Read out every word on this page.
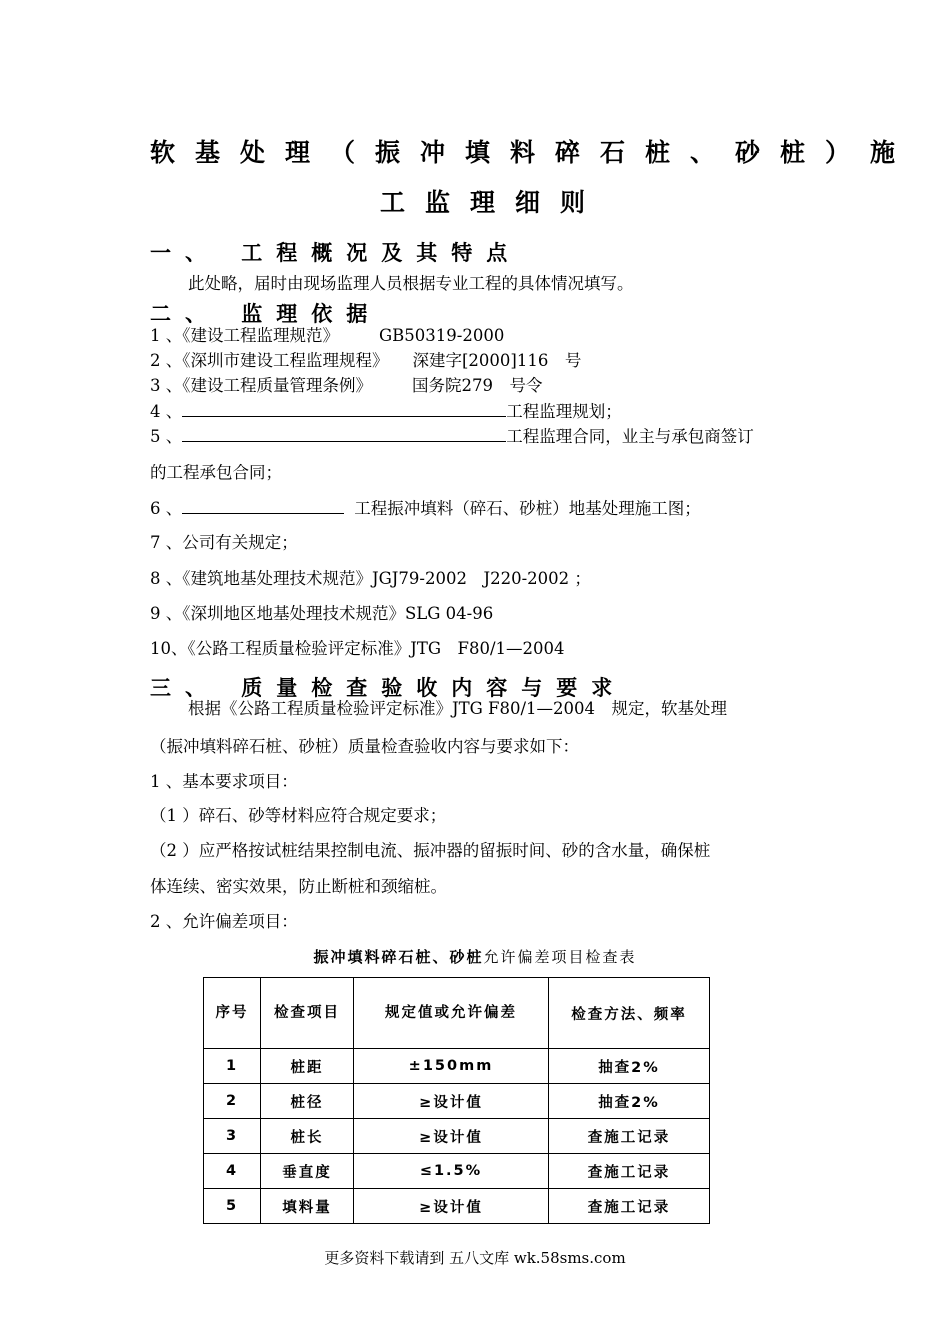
软基处理（振冲填料碎石桩、砂桩）施
工监理细则
一、 工程概况及其特点
此处略，届时由现场监理人员根据专业工程的具体情况填写。
二、 监理依据
1 、《建设工程监理规范》 GB50319-2000
2 、《深圳市建设工程监理规程》 深建字[2000]116　号
3 、《建设工程质量管理条例》 国务院279　号令
4 、	工程监理规划；
5 、	工程监理合同，业主与承包商签订
的工程承包合同；
6 、	工程振冲填料（碎石、砂桩）地基处理施工图；
7 、公司有关规定；
8 、《建筑地基处理技术规范》JGJ79-2002　J220-2002 ；
9 、《深圳地区地基处理技术规范》SLG 04-96
10、《公路工程质量检验评定标准》JTG　F80/1—2004
三、 质量检查验收内容与要求
根据《公路工程质量检验评定标准》JTG F80/1—2004　规定，软基处理
（振冲填料碎石桩、砂桩）质量检查验收内容与要求如下：
1 、基本要求项目：
（1 ）碎石、砂等材料应符合规定要求；
（2 ）应严格按试桩结果控制电流、振冲器的留振时间、砂的含水量，确保桩
体连续、密实效果，防止断桩和颈缩桩。
2 、允许偏差项目：
振冲填料碎石桩、砂桩允许偏差项目检查表
序号	检查项目	规定值或允许偏差	检查方法、频率
1	桩距	±150mm	抽查2%
2	桩径	≥设计值	抽查2%
3	桩长	≥设计值	查施工记录
4	垂直度	≤1.5%	查施工记录
5	填料量	≥设计值	查施工记录
更多资料下载请到 五八文库 wk.58sms.com
